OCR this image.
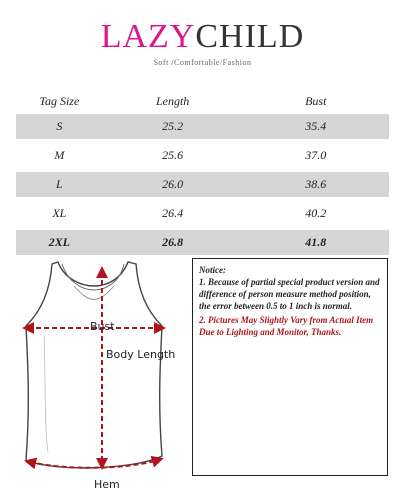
LAZYCHILD
Soft /Comfortable/Fashion
Tag Size	Length	Bust
S	25.2	35.4
M	25.6	37.0
L	26.0	38.6
XL	26.4	40.2
2XL	26.8	41.8
Bust
Body Length
Hem
Notice:
1. Because of partial special product version and difference of person measure method position, the error between 0.5 to 1 inch is normal.
2. Pictures May Slightly Vary from Actual Item Due to Lighting and Monitor, Thanks.
